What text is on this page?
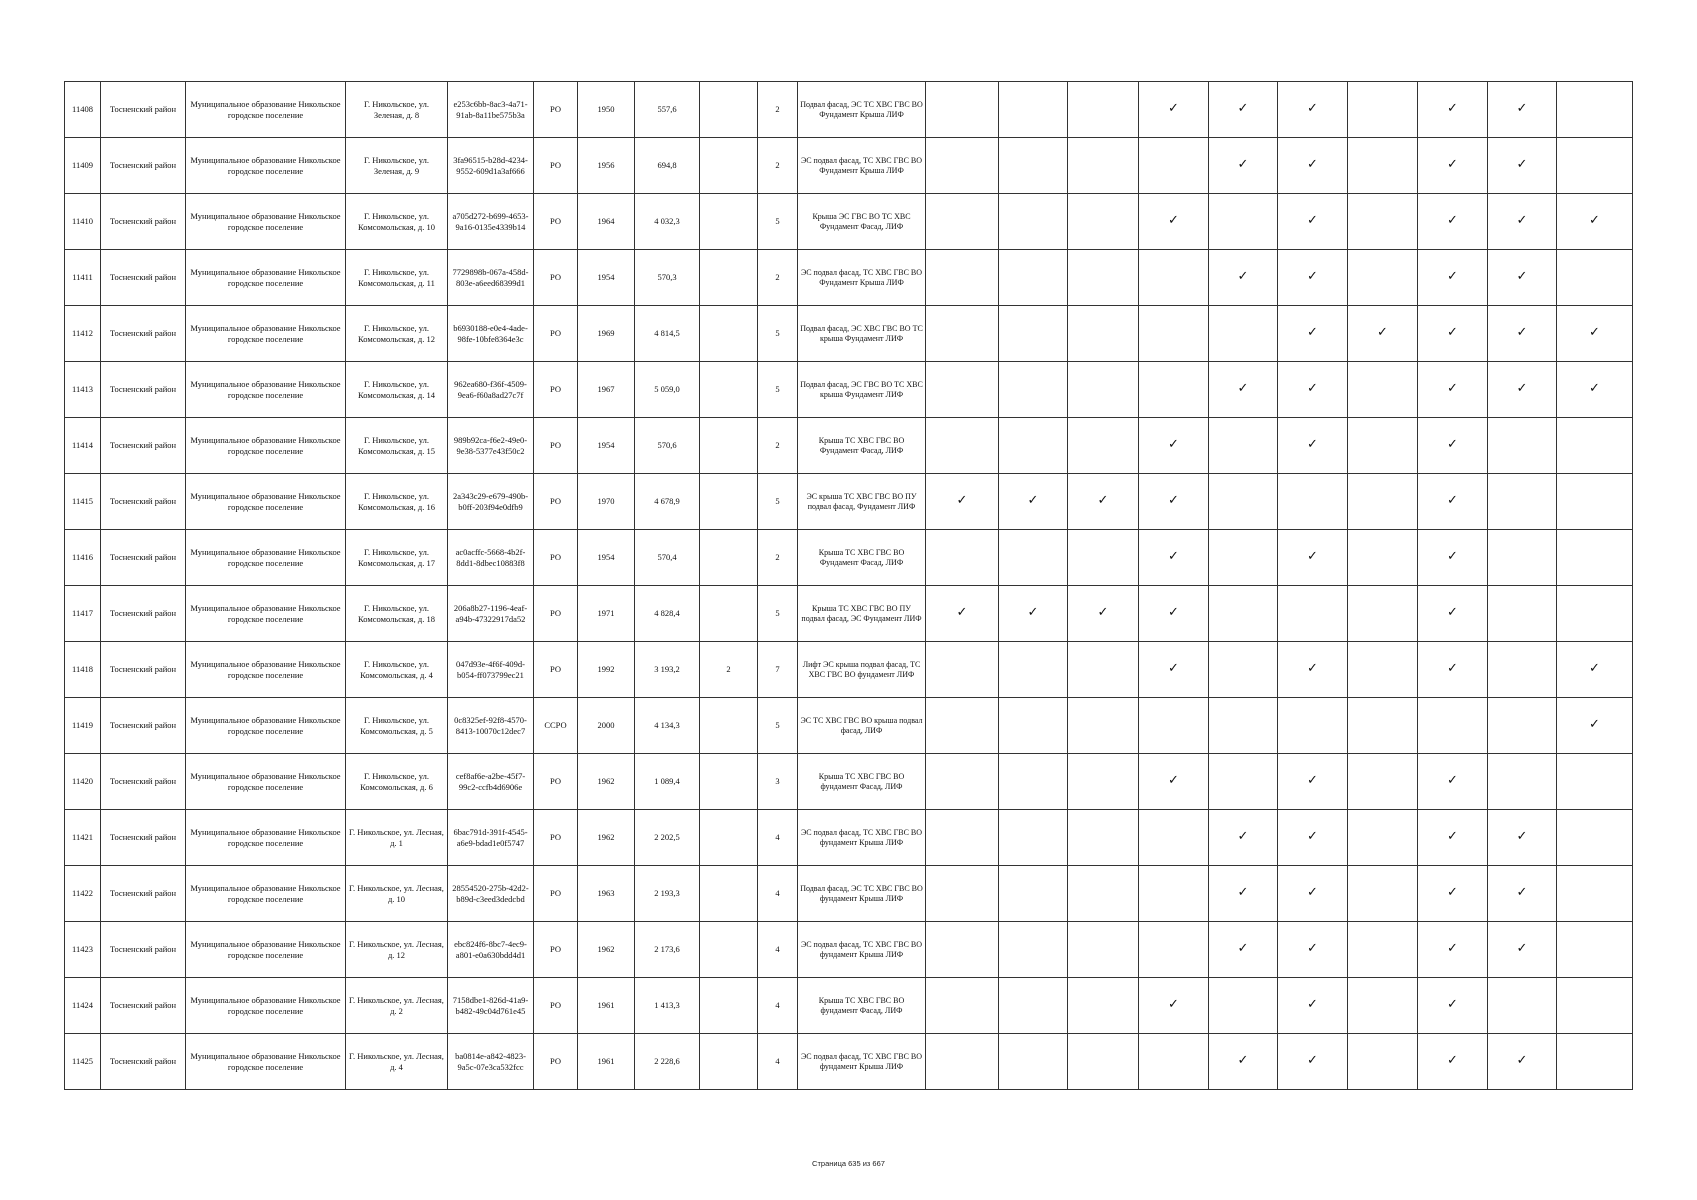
11408	Тосненский район	Муниципальное образование Никольское городское поселение	Г. Никольское, ул. Зеленая, д. 8	e253c6bb-8ac3-4a71-91ab-8a11be575b3a	РО	1950	557,6		2	Подвал фасад, ЭС ТС ХВС ГВС ВО Фундамент Крыша ЛИФ				✓	✓	✓		✓	✓	
11409	Тосненский район	Муниципальное образование Никольское городское поселение	Г. Никольское, ул. Зеленая, д. 9	3fa96515-b28d-4234-9552-609d1a3af666	РО	1956	694,8		2	ЭС подвал фасад, ТС ХВС ГВС ВО Фундамент Крыша ЛИФ					✓	✓		✓	✓	
11410	Тосненский район	Муниципальное образование Никольское городское поселение	Г. Никольское, ул. Комсомольская, д. 10	a705d272-b699-4653-9a16-0135e4339b14	РО	1964	4 032,3		5	Крыша ЭС ГВС ВО ТС ХВС Фундамент Фасад, ЛИФ				✓		✓		✓	✓	✓
11411	Тосненский район	Муниципальное образование Никольское городское поселение	Г. Никольское, ул. Комсомольская, д. 11	7729898b-067a-458d-803e-a6eed68399d1	РО	1954	570,3		2	ЭС подвал фасад, ТС ХВС ГВС ВО Фундамент Крыша ЛИФ					✓	✓		✓	✓	
11412	Тосненский район	Муниципальное образование Никольское городское поселение	Г. Никольское, ул. Комсомольская, д. 12	b6930188-e0e4-4ade-98fe-10bfe8364e3c	РО	1969	4 814,5		5	Подвал фасад, ЭС ХВС ГВС ВО ТС крыша Фундамент ЛИФ						✓	✓	✓	✓	✓
11413	Тосненский район	Муниципальное образование Никольское городское поселение	Г. Никольское, ул. Комсомольская, д. 14	962ea680-f36f-4509-9ea6-f60a8ad27c7f	РО	1967	5 059,0		5	Подвал фасад, ЭС ГВС ВО ТС ХВС крыша Фундамент ЛИФ					✓	✓		✓	✓	✓
11414	Тосненский район	Муниципальное образование Никольское городское поселение	Г. Никольское, ул. Комсомольская, д. 15	989b92ca-f6e2-49e0-9e38-5377e43f50c2	РО	1954	570,6		2	Крыша ТС ХВС ГВС ВО Фундамент Фасад, ЛИФ				✓		✓		✓		
11415	Тосненский район	Муниципальное образование Никольское городское поселение	Г. Никольское, ул. Комсомольская, д. 16	2a343c29-e679-490b-b0ff-203f94e0dfb9	РО	1970	4 678,9		5	ЭС крыша ТС ХВС ГВС ВО ПУ подвал фасад, Фундамент ЛИФ	✓	✓	✓	✓				✓		
11416	Тосненский район	Муниципальное образование Никольское городское поселение	Г. Никольское, ул. Комсомольская, д. 17	ac0acffc-5668-4b2f-8dd1-8dbec10883f8	РО	1954	570,4		2	Крыша ТС ХВС ГВС ВО Фундамент Фасад, ЛИФ				✓		✓		✓		
11417	Тосненский район	Муниципальное образование Никольское городское поселение	Г. Никольское, ул. Комсомольская, д. 18	206a8b27-1196-4eaf-a94b-47322917da52	РО	1971	4 828,4		5	Крыша ТС ХВС ГВС ВО ПУ подвал фасад, ЭС Фундамент ЛИФ	✓	✓	✓	✓				✓		
11418	Тосненский район	Муниципальное образование Никольское городское поселение	Г. Никольское, ул. Комсомольская, д. 4	047d93e-4f6f-409d-b054-ff073799ec21	РО	1992	3 193,2	2	7	Лифт ЭС крыша подвал фасад, ТС ХВС ГВС ВО фундамент ЛИФ				✓		✓		✓		✓
11419	Тосненский район	Муниципальное образование Никольское городское поселение	Г. Никольское, ул. Комсомольская, д. 5	0c8325ef-92f8-4570-8413-10070c12dec7	ССРО	2000	4 134,3		5	ЭС ТС ХВС ГВС ВО крыша подвал фасад, ЛИФ										✓
11420	Тосненский район	Муниципальное образование Никольское городское поселение	Г. Никольское, ул. Комсомольская, д. 6	cef8af6e-a2be-45f7-99c2-ccfb4d6906e	РО	1962	1 089,4		3	Крыша ТС ХВС ГВС ВО фундамент Фасад, ЛИФ				✓		✓		✓		
11421	Тосненский район	Муниципальное образование Никольское городское поселение	Г. Никольское, ул. Лесная, д. 1	6bac791d-391f-4545-a6e9-bdad1e0f5747	РО	1962	2 202,5		4	ЭС подвал фасад, ТС ХВС ГВС ВО фундамент Крыша ЛИФ					✓	✓		✓	✓	
11422	Тосненский район	Муниципальное образование Никольское городское поселение	Г. Никольское, ул. Лесная, д. 10	28554520-275b-42d2-b89d-c3eed3dedcbd	РО	1963	2 193,3		4	Подвал фасад, ЭС ТС ХВС ГВС ВО фундамент Крыша ЛИФ					✓	✓		✓	✓	
11423	Тосненский район	Муниципальное образование Никольское городское поселение	Г. Никольское, ул. Лесная, д. 12	ebc824f6-8bc7-4ec9-a801-e0a630bdd4d1	РО	1962	2 173,6		4	ЭС подвал фасад, ТС ХВС ГВС ВО фундамент Крыша ЛИФ					✓	✓		✓	✓	
11424	Тосненский район	Муниципальное образование Никольское городское поселение	Г. Никольское, ул. Лесная, д. 2	7158dbe1-826d-41a9-b482-49c04d761e45	РО	1961	1 413,3		4	Крыша ТС ХВС ГВС ВО фундамент Фасад, ЛИФ				✓		✓		✓		
11425	Тосненский район	Муниципальное образование Никольское городское поселение	Г. Никольское, ул. Лесная, д. 4	ba0814e-a842-4823-9a5c-07e3ca532fcc	РО	1961	2 228,6		4	ЭС подвал фасад, ТС ХВС ГВС ВО фундамент Крыша ЛИФ					✓	✓		✓	✓	
Страница 635 из 667
